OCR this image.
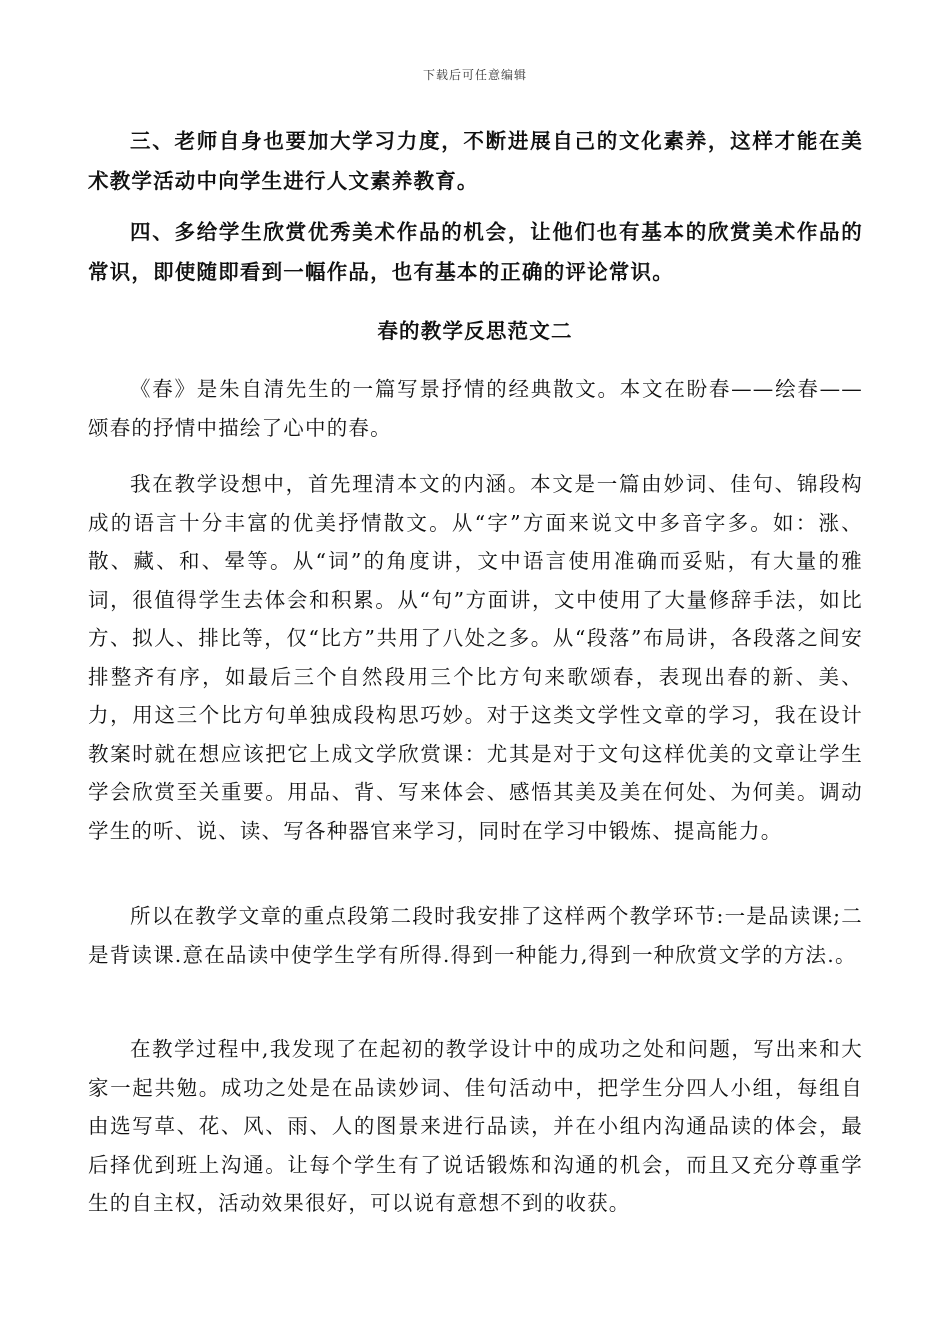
下载后可任意编辑

三、老师自身也要加大学习力度，不断进展自己的文化素养，这样才能在美术教学活动中向学生进行人文素养教育。

四、多给学生欣赏优秀美术作品的机会，让他们也有基本的欣赏美术作品的常识，即使随即看到一幅作品，也有基本的正确的评论常识。

春的教学反思范文二

《春》是朱自清先生的一篇写景抒情的经典散文。本文在盼春——绘春——颂春的抒情中描绘了心中的春。

我在教学设想中，首先理清本文的内涵。本文是一篇由妙词、佳句、锦段构成的语言十分丰富的优美抒情散文。从“字”方面来说文中多音字多。如：涨、散、藏、和、晕等。从“词”的角度讲，文中语言使用准确而妥贴，有大量的雅词，很值得学生去体会和积累。从“句”方面讲，文中使用了大量修辞手法，如比方、拟人、排比等，仅“比方”共用了八处之多。从“段落”布局讲，各段落之间安排整齐有序，如最后三个自然段用三个比方句来歌颂春，表现出春的新、美、力，用这三个比方句单独成段构思巧妙。对于这类文学性文章的学习，我在设计教案时就在想应该把它上成文学欣赏课：尤其是对于文句这样优美的文章让学生学会欣赏至关重要。用品、背、写来体会、感悟其美及美在何处、为何美。调动学生的听、说、读、写各种器官来学习，同时在学习中锻炼、提高能力。

所以在教学文章的重点段第二段时我安排了这样两个教学环节:一是品读课;二是背读课.意在品读中使学生学有所得.得到一种能力,得到一种欣赏文学的方法.。

在教学过程中,我发现了在起初的教学设计中的成功之处和问题，写出来和大家一起共勉。成功之处是在品读妙词、佳句活动中，把学生分四人小组，每组自由选写草、花、风、雨、人的图景来进行品读，并在小组内沟通品读的体会，最后择优到班上沟通。让每个学生有了说话锻炼和沟通的机会，而且又充分尊重学生的自主权，活动效果很好，可以说有意想不到的收获。
